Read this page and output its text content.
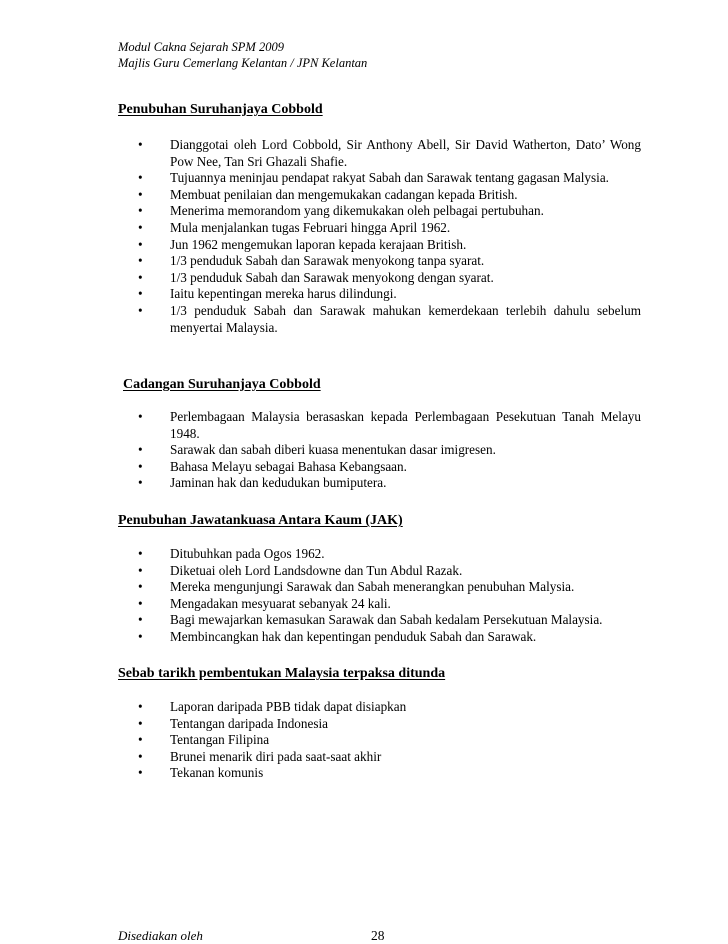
Modul Cakna Sejarah SPM 2009
Majlis Guru Cemerlang Kelantan / JPN Kelantan
Penubuhan Suruhanjaya Cobbold
• Dianggotai oleh Lord Cobbold, Sir Anthony Abell, Sir David Watherton, Dato’ Wong Pow Nee, Tan Sri Ghazali Shafie.
• Tujuannya meninjau pendapat rakyat Sabah dan Sarawak tentang gagasan Malysia.
• Membuat penilaian dan mengemukakan cadangan kepada British.
• Menerima memorandom yang dikemukakan oleh pelbagai pertubuhan.
• Mula menjalankan tugas Februari hingga April 1962.
• Jun 1962 mengemukan laporan kepada kerajaan British.
• 1/3 penduduk Sabah dan Sarawak menyokong tanpa syarat.
• 1/3 penduduk Sabah dan Sarawak menyokong dengan syarat.
• Iaitu kepentingan mereka harus dilindungi.
• 1/3 penduduk Sabah dan Sarawak mahukan kemerdekaan terlebih dahulu sebelum menyertai Malaysia.
Cadangan Suruhanjaya Cobbold
• Perlembagaan Malaysia berasaskan kepada Perlembagaan Pesekutuan Tanah Melayu 1948.
• Sarawak dan sabah diberi kuasa menentukan dasar imigresen.
• Bahasa Melayu sebagai Bahasa Kebangsaan.
• Jaminan hak dan kedudukan bumiputera.
Penubuhan Jawatankuasa Antara Kaum (JAK)
• Ditubuhkan pada Ogos 1962.
• Diketuai oleh Lord Landsdowne dan Tun Abdul Razak.
• Mereka mengunjungi Sarawak dan Sabah menerangkan penubuhan Malysia.
• Mengadakan mesyuarat sebanyak 24 kali.
• Bagi mewajarkan kemasukan Sarawak dan Sabah kedalam Persekutuan Malaysia.
• Membincangkan hak dan kepentingan penduduk Sabah dan Sarawak.
Sebab tarikh pembentukan Malaysia terpaksa ditunda
• Laporan daripada PBB tidak dapat disiapkan
• Tentangan daripada Indonesia
• Tentangan Filipina
• Brunei menarik diri pada saat-saat akhir
• Tekanan komunis
Disediakan oleh	28
